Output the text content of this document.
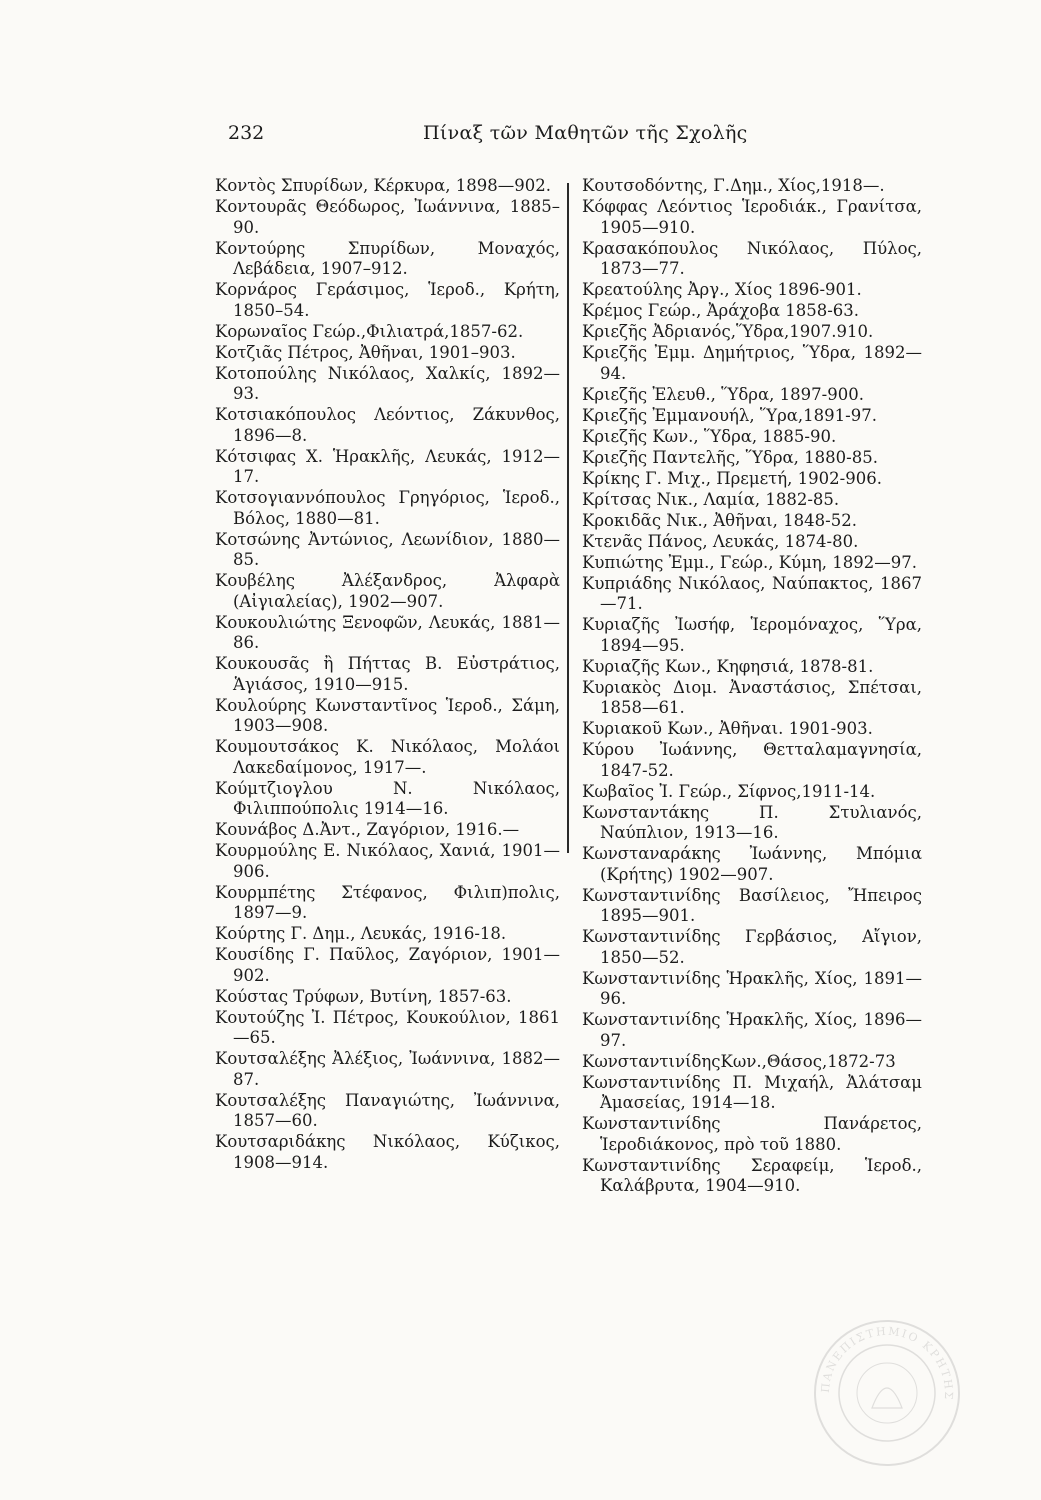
232	Πίναξ τῶν Μαθητῶν τῆς Σχολῆς
Κοντὸς Σπυρίδων, Κέρκυρα, 1898—902.
Κοντουρᾶς Θεόδωρος, Ἰωάννινα, 1885–90.
Κοντούρης Σπυρίδων, Μοναχός, Λεβάδεια, 1907–912.
Κορνάρος Γεράσιμος, Ἱεροδ., Κρήτη, 1850–54.
Κορωναῖος Γεώρ.,Φιλιατρά,1857-62.
Κοτζιᾶς Πέτρος, Ἀθῆναι, 1901–903.
Κοτοπούλης Νικόλαος, Χαλκίς, 1892—93.
Κοτσιακόπουλος Λεόντιος, Ζάκυνθος, 1896—8.
Κότσιφας Χ. Ἡρακλῆς, Λευκάς, 1912—17.
Κοτσογιαννόπουλος Γρηγόριος, Ἱεροδ., Βόλος, 1880—81.
Κοτσώνης Ἀντώνιος, Λεωνίδιον, 1880—85.
Κουβέλης Ἀλέξανδρος, Ἀλφαρὰ (Αἰγιαλείας), 1902—907.
Κουκουλιώτης Ξενοφῶν, Λευκάς, 1881—86.
Κουκουσᾶς ἢ Πήττας Β. Εὐστράτιος, Ἁγιάσος, 1910—915.
Κουλούρης Κωνσταντῖνος Ἱεροδ., Σάμη, 1903—908.
Κουμουτσάκος Κ. Νικόλαος, Μολάοι Λακεδαίμονος, 1917—.
Κούμτζιογλου Ν. Νικόλαος, Φιλιππούπολις 1914—16.
Κουνάβος Δ.Ἀντ., Ζαγόριον, 1916.—
Κουρμούλης Ε. Νικόλαος, Χανιά, 1901—906.
Κουρμπέτης Στέφανος, Φιλιπ)πολις, 1897—9.
Κούρτης Γ. Δημ., Λευκάς, 1916-18.
Κουσίδης Γ. Παῦλος, Ζαγόριον, 1901—902.
Κούστας Τρύφων, Βυτίνη, 1857-63.
Κουτούζης Ἰ. Πέτρος, Κουκούλιον, 1861—65.
Κουτσαλέξης Ἀλέξιος, Ἰωάννινα, 1882—87.
Κουτσαλέξης Παναγιώτης, Ἰωάννινα, 1857—60.
Κουτσαριδάκης Νικόλαος, Κύζικος, 1908—914.
Κουτσοδόντης, Γ.Δημ., Χίος,1918—.
Κόφφας Λεόντιος Ἱεροδιάκ., Γρανίτσα, 1905—910.
Κρασακόπουλος Νικόλαος, Πύλος, 1873—77.
Κρεατούλης Ἀργ., Χίος 1896-901.
Κρέμος Γεώρ., Ἀράχοβα 1858-63.
Κριεζῆς Ἀδριανός,Ὕδρα,1907.910.
Κριεζῆς Ἐμμ. Δημήτριος, Ὕδρα, 1892—94.
Κριεζῆς Ἐλευθ., Ὕδρα, 1897-900.
Κριεζῆς Ἐμμανουήλ, Ὕρα,1891-97.
Κριεζῆς Κων., Ὕδρα, 1885-90.
Κριεζῆς Παντελῆς, Ὕδρα, 1880-85.
Κρίκης Γ. Μιχ., Πρεμετή, 1902-906.
Κρίτσας Νικ., Λαμία, 1882-85.
Κροκιδᾶς Νικ., Ἀθῆναι, 1848-52.
Κτενᾶς Πάνος, Λευκάς, 1874-80.
Κυπιώτης Ἐμμ., Γεώρ., Κύμη, 1892—97.
Κυπριάδης Νικόλαος, Ναύπακτος, 1867—71.
Κυριαζῆς Ἰωσήφ, Ἱερομόναχος, Ὕρα, 1894—95.
Κυριαζῆς Κων., Κηφησιά, 1878-81.
Κυριακὸς Διομ. Ἀναστάσιος, Σπέτσαι, 1858—61.
Κυριακοῦ Κων., Ἀθῆναι. 1901-903.
Κύρου Ἰωάννης, Θετταλαμαγνησία, 1847-52.
Κωβαῖος Ἰ. Γεώρ., Σίφνος,1911-14.
Κωνσταντάκης Π. Στυλιανός, Ναύπλιον, 1913—16.
Κωνσταναράκης Ἰωάννης, Μπόμια (Κρήτης) 1902—907.
Κωνσταντινίδης Βασίλειος, Ἤπειρος 1895—901.
Κωνσταντινίδης Γερβάσιος, Αἴγιον, 1850—52.
Κωνσταντινίδης Ἡρακλῆς, Χίος, 1891—96.
Κωνσταντινίδης Ἡρακλῆς, Χίος, 1896—97.
ΚωνσταντινίδηςΚων.,Θάσος,1872-73
Κωνσταντινίδης Π. Μιχαήλ, Ἀλάτσαμ Ἀμασείας, 1914—18.
Κωνσταντινίδης Πανάρετος, Ἱεροδιάκονος, πρὸ τοῦ 1880.
Κωνσταντινίδης Σεραφείμ, Ἱεροδ., Καλάβρυτα, 1904—910.
ΠΑΝΕΠΙΣΤΗΜΙΟ ΚΡΗΤΗΣ
